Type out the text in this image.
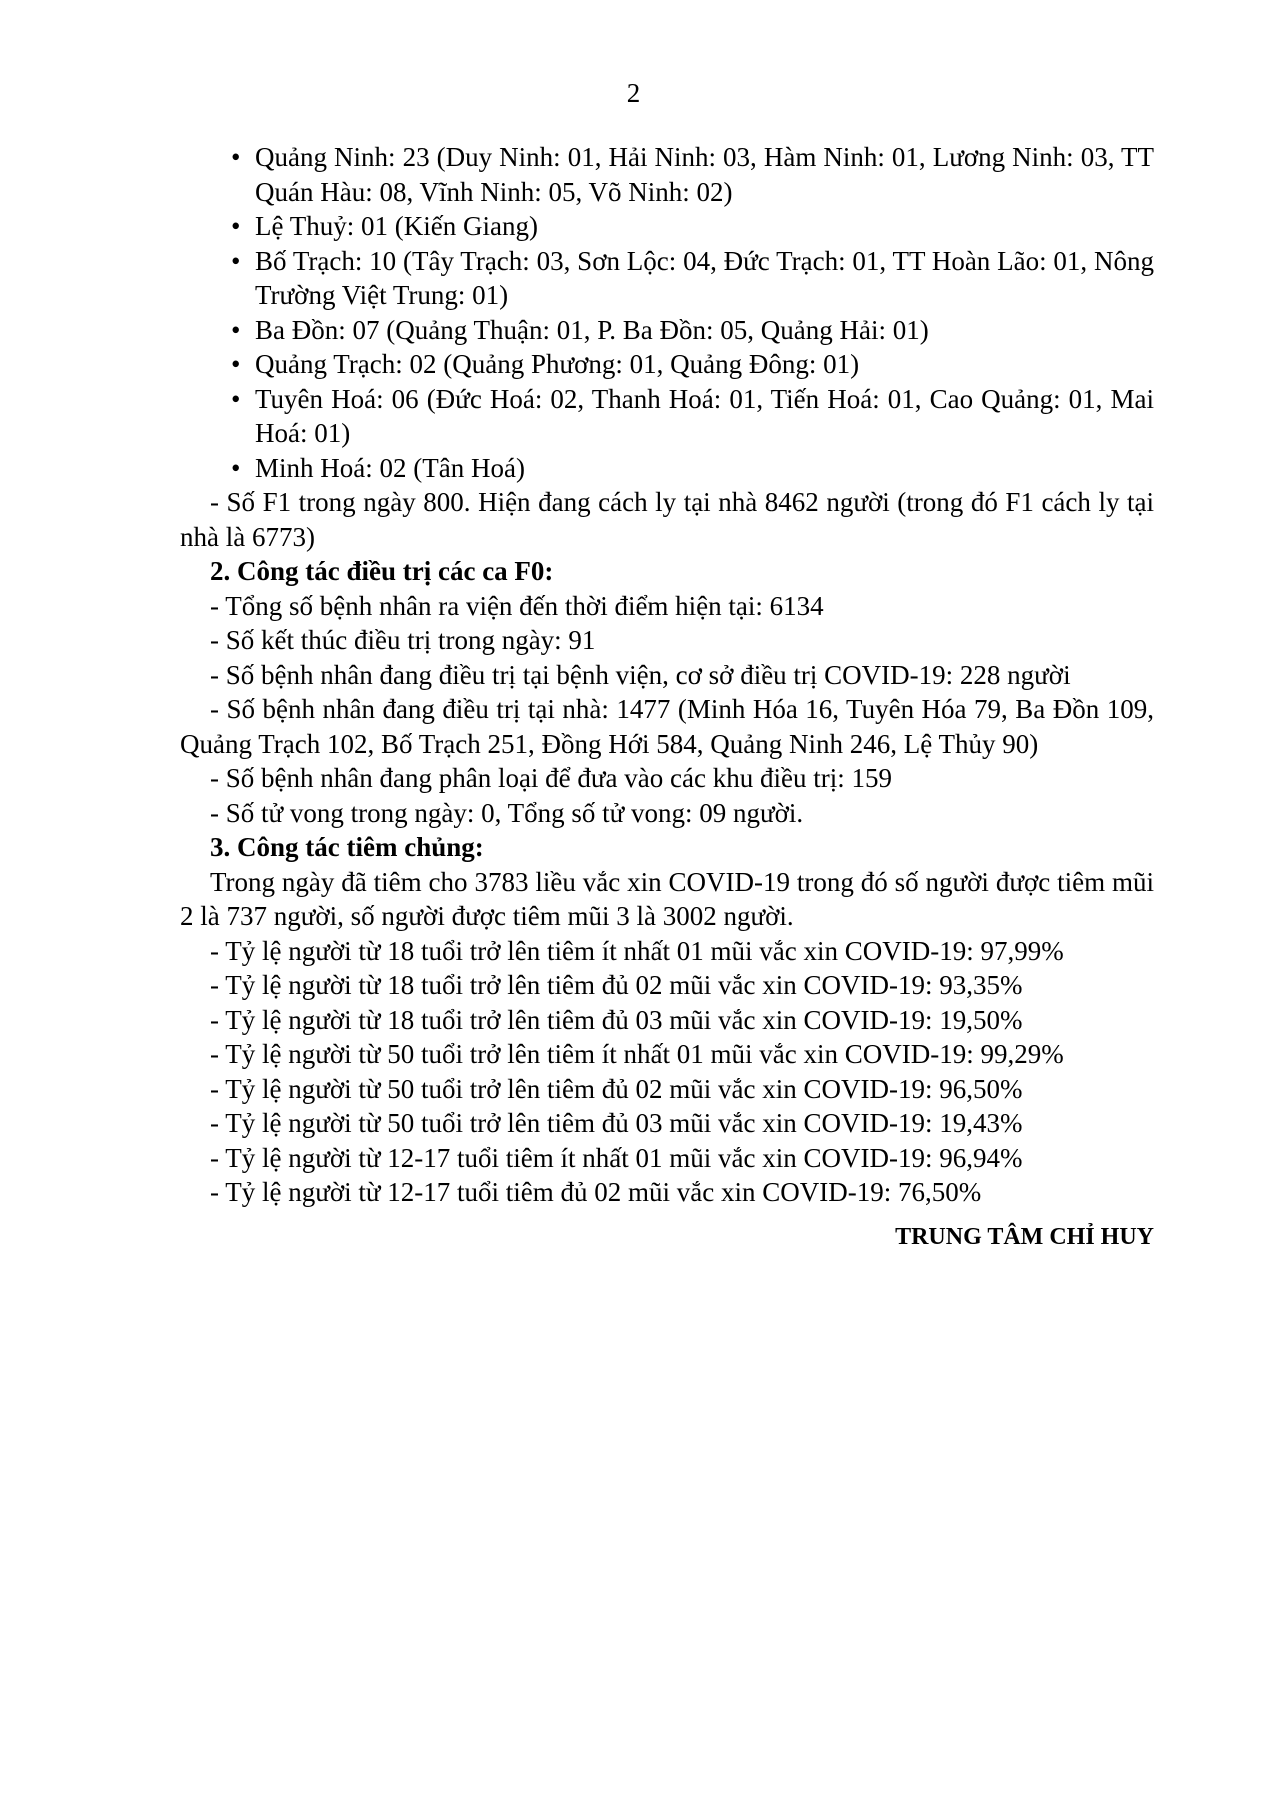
2

• Quảng Ninh: 23 (Duy Ninh: 01, Hải Ninh: 03, Hàm Ninh: 01, Lương Ninh: 03, TT Quán Hàu: 08, Vĩnh Ninh: 05, Võ Ninh: 02)

• Lệ Thuỷ: 01 (Kiến Giang)

• Bố Trạch: 10 (Tây Trạch: 03, Sơn Lộc: 04, Đức Trạch: 01, TT Hoàn Lão: 01, Nông Trường Việt Trung: 01)

• Ba Đồn: 07 (Quảng Thuận: 01, P. Ba Đồn: 05, Quảng Hải: 01)

• Quảng Trạch: 02 (Quảng Phương: 01, Quảng Đông: 01)

• Tuyên Hoá: 06 (Đức Hoá: 02, Thanh Hoá: 01, Tiến Hoá: 01, Cao Quảng: 01, Mai Hoá: 01)

• Minh Hoá: 02 (Tân Hoá)

- Số F1 trong ngày 800. Hiện đang cách ly tại nhà 8462 người (trong đó F1 cách ly tại nhà là 6773)

2. Công tác điều trị các ca F0:

- Tổng số bệnh nhân ra viện đến thời điểm hiện tại: 6134

- Số kết thúc điều trị trong ngày: 91

- Số bệnh nhân đang điều trị tại bệnh viện, cơ sở điều trị COVID-19: 228 người

- Số bệnh nhân đang điều trị tại nhà: 1477 (Minh Hóa 16, Tuyên Hóa 79, Ba Đồn 109, Quảng Trạch 102, Bố Trạch 251, Đồng Hới 584, Quảng Ninh 246, Lệ Thủy 90)

- Số bệnh nhân đang phân loại để đưa vào các khu điều trị: 159

- Số tử vong trong ngày: 0, Tổng số tử vong: 09 người.

3. Công tác tiêm chủng:

Trong ngày đã tiêm cho 3783 liều vắc xin COVID-19 trong đó số người được tiêm mũi 2 là 737 người, số người được tiêm mũi 3 là 3002 người.

- Tỷ lệ người từ 18 tuổi trở lên tiêm ít nhất 01 mũi vắc xin COVID-19: 97,99%

- Tỷ lệ người từ 18 tuổi trở lên tiêm đủ 02 mũi vắc xin COVID-19: 93,35%

- Tỷ lệ người từ 18 tuổi trở lên tiêm đủ 03 mũi vắc xin COVID-19: 19,50%

- Tỷ lệ người từ 50 tuổi trở lên tiêm ít nhất 01 mũi vắc xin COVID-19: 99,29%

- Tỷ lệ người từ 50 tuổi trở lên tiêm đủ 02 mũi vắc xin COVID-19: 96,50%

- Tỷ lệ người từ 50 tuổi trở lên tiêm đủ 03 mũi vắc xin COVID-19: 19,43%

- Tỷ lệ người từ 12-17 tuổi tiêm ít nhất 01 mũi vắc xin COVID-19: 96,94%

- Tỷ lệ người từ 12-17 tuổi tiêm đủ 02 mũi vắc xin COVID-19: 76,50%

TRUNG TÂM CHỈ HUY
